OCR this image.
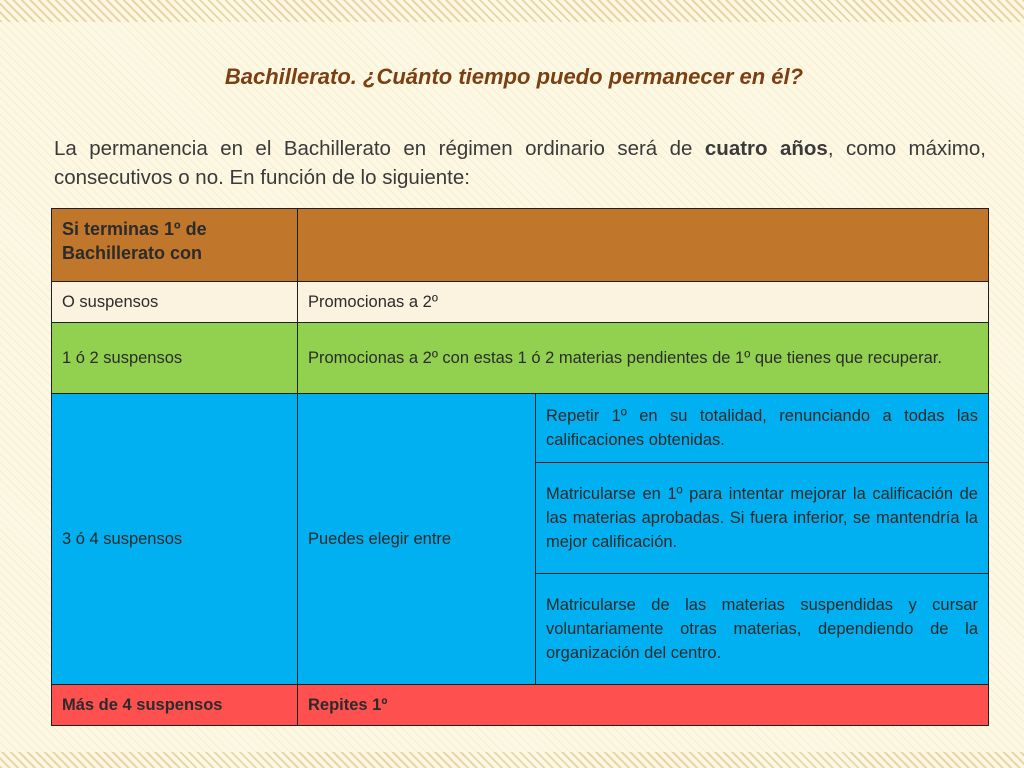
Bachillerato. ¿Cuánto tiempo puedo permanecer en él?
La permanencia en el Bachillerato en régimen ordinario será de cuatro años, como máximo, consecutivos o no. En función de lo siguiente:
Si terminas 1º de Bachillerato con		
O suspensos	Promocionas a 2º	
1 ó 2 suspensos	Promocionas a 2º con estas 1 ó 2 materias pendientes de 1º que tienes que recuperar.	
3 ó 4 suspensos	Puedes elegir entre	Repetir 1º en su totalidad, renunciando a todas las calificaciones obtenidas.
		Matricularse en 1º para intentar mejorar la calificación de las materias aprobadas. Si fuera inferior, se mantendría la mejor calificación.
		Matricularse de las materias suspendidas y cursar voluntariamente otras materias, dependiendo de la organización del centro.
Más de 4 suspensos	Repites 1º	
